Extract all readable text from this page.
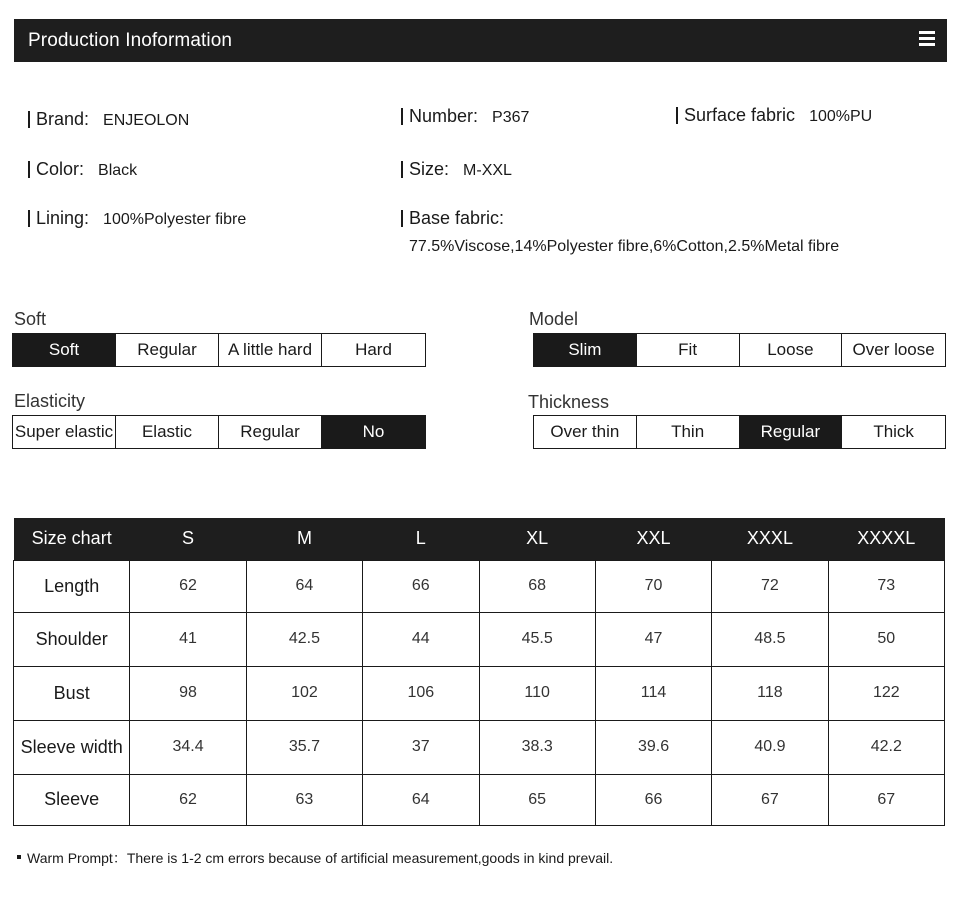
Production Inoformation
Brand: ENJEOLON	Number: P367	Surface fabric 100%PU
Color: Black	Size: M-XXL
Lining: 100%Polyester fibre	Base fabric:
77.5%Viscose,14%Polyester fibre,6%Cotton,2.5%Metal fibre
Soft
Soft	Regular	A little hard	Hard
Model
Slim	Fit	Loose	Over loose
Elasticity
Super elastic	Elastic	Regular	No
Thickness
Over thin	Thin	Regular	Thick
Size chart	S	M	L	XL	XXL	XXXL	XXXXL
Length	62	64	66	68	70	72	73
Shoulder	41	42.5	44	45.5	47	48.5	50
Bust	98	102	106	110	114	118	122
Sleeve width	34.4	35.7	37	38.3	39.6	40.9	42.2
Sleeve	62	63	64	65	66	67	67
Warm Prompt：There is 1-2 cm errors because of artificial measurement,goods in kind prevail.
